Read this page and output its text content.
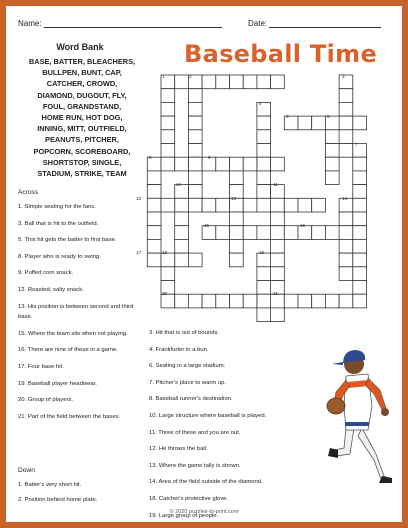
Name:	Date:
Baseball Time
Word Bank
BASE, BATTER, BLEACHERS,
BULLPEN, BUNT, CAP,
CATCHER, CROWD,
DIAMOND, DUGOUT, FLY,
FOUL, GRANDSTAND,
HOME RUN, HOT DOG,
INNING, MITT, OUTFIELD,
PEANUTS, PITCHER,
POPCORN, SCOREBOARD,
SHORTSTOP, SINGLE,
STADIUM, STRIKE, TEAM
Across
1. Simple seating for the fans.
3. Ball that is hit to the outfield.
5. This hit gets the batter to first base.
8. Player who is ready to swing.
9. Puffed corn snack.
12. Roasted, salty snack.
13. His position is between second and third base.
15. Where the team sits when not playing.
16. There are nine of these in a game.
17. Four base hit.
19. Baseball player headwear.
20. Group of players.
21. Part of the field between the bases.
Down
1. Batter's very short hit.
2. Position behind home plate.
3. Hit that is out of bounds.
4. Frankfurter in a bun.
6. Seating in a large stadium.
7. Pitcher's place to warm up.
8. Baseball runner's destination.
10. Large structure where baseball is played.
11. Three of these and you are out.
12. He throws the ball.
13. Where the game tally is shown.
14. Area of the field outside of the diamond.
18. Catcher's protective glove.
19. Large group of people.
1	2	3
4
5	6
7
8	9
10	11
12	13	14
15	16
17	18	19
20	21
© 2020 puzzles-to-print.com
